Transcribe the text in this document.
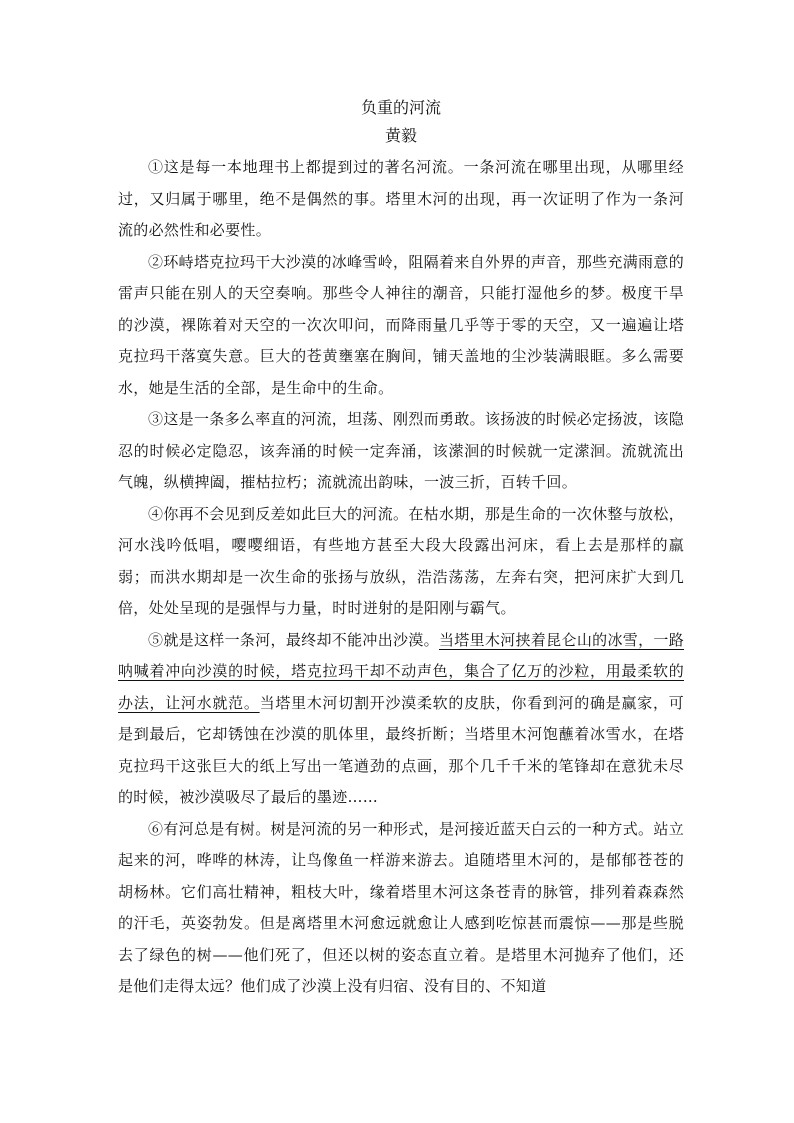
负重的河流
黄毅

①这是每一本地理书上都提到过的著名河流。一条河流在哪里出现，从哪里经过，又归属于哪里，绝不是偶然的事。塔里木河的出现，再一次证明了作为一条河流的必然性和必要性。

②环峙塔克拉玛干大沙漠的冰峰雪岭，阻隔着来自外界的声音，那些充满雨意的雷声只能在别人的天空奏响。那些令人神往的潮音，只能打湿他乡的梦。极度干旱的沙漠，裸陈着对天空的一次次叩问，而降雨量几乎等于零的天空，又一遍遍让塔克拉玛干落寞失意。巨大的苍黄壅塞在胸间，铺天盖地的尘沙装满眼眶。多么需要水，她是生活的全部，是生命中的生命。

③这是一条多么率直的河流，坦荡、刚烈而勇敢。该扬波的时候必定扬波，该隐忍的时候必定隐忍，该奔涌的时候一定奔涌，该潆洄的时候就一定潆洄。流就流出气魄，纵横捭阖，摧枯拉朽；流就流出韵味，一波三折，百转千回。

④你再不会见到反差如此巨大的河流。在枯水期，那是生命的一次休整与放松，河水浅吟低唱，嘤嘤细语，有些地方甚至大段大段露出河床，看上去是那样的羸弱；而洪水期却是一次生命的张扬与放纵，浩浩荡荡，左奔右突，把河床扩大到几倍，处处呈现的是强悍与力量，时时迸射的是阳刚与霸气。

⑤就是这样一条河，最终却不能冲出沙漠。当塔里木河挟着昆仑山的冰雪，一路呐喊着冲向沙漠的时候，塔克拉玛干却不动声色，集合了亿万的沙粒，用最柔软的办法，让河水就范。当塔里木河切割开沙漠柔软的皮肤，你看到河的确是赢家，可是到最后，它却锈蚀在沙漠的肌体里，最终折断；当塔里木河饱蘸着冰雪水，在塔克拉玛干这张巨大的纸上写出一笔遒劲的点画，那个几千千米的笔锋却在意犹未尽的时候，被沙漠吸尽了最后的墨迹……

⑥有河总是有树。树是河流的另一种形式，是河接近蓝天白云的一种方式。站立起来的河，哗哗的林涛，让鸟像鱼一样游来游去。追随塔里木河的，是郁郁苍苍的胡杨林。它们高壮精神，粗枝大叶，缘着塔里木河这条苍青的脉管，排列着森森然的汗毛，英姿勃发。但是离塔里木河愈远就愈让人感到吃惊甚而震惊——那是些脱去了绿色的树——他们死了，但还以树的姿态直立着。是塔里木河抛弃了他们，还是他们走得太远？他们成了沙漠上没有归宿、没有目的、不知道
